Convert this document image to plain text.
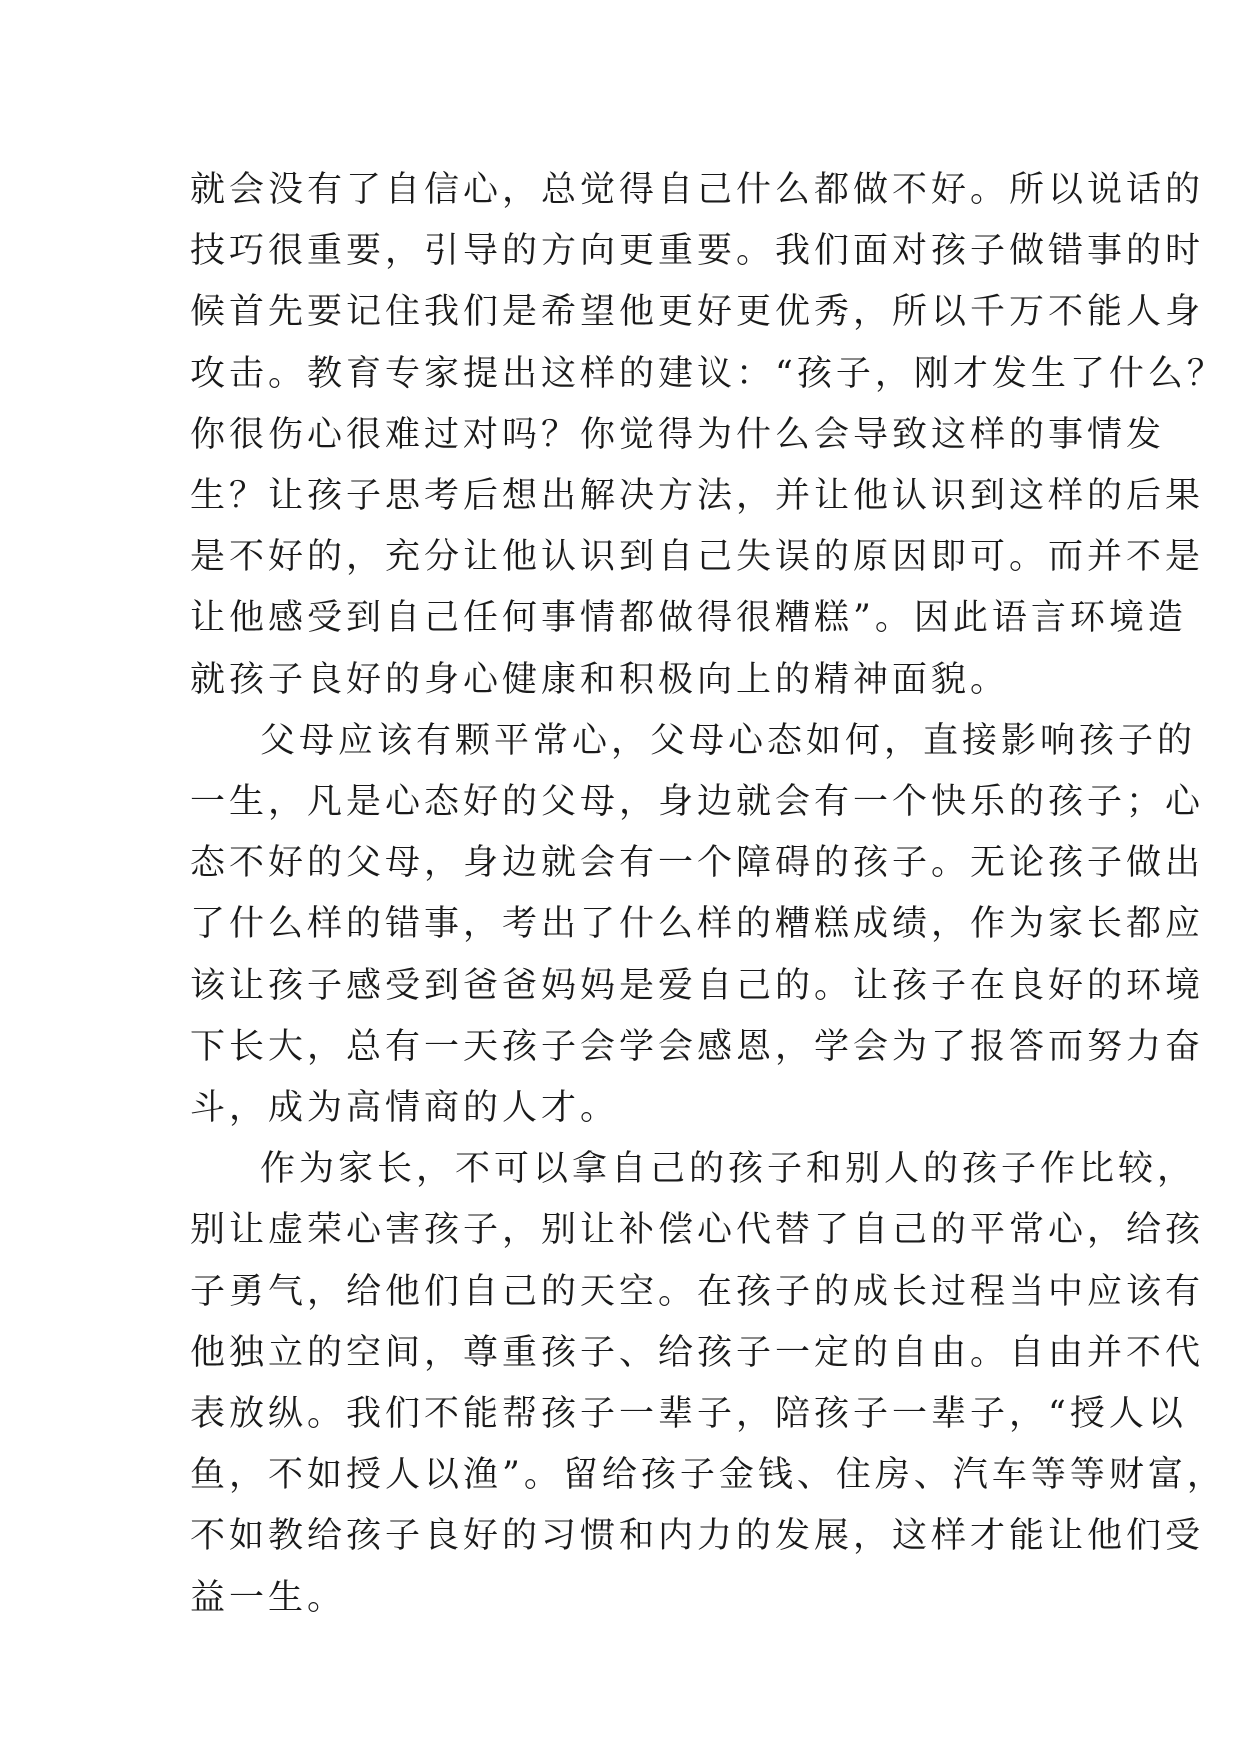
就会没有了自信心，总觉得自己什么都做不好。所以说话的
技巧很重要，引导的方向更重要。我们面对孩子做错事的时
候首先要记住我们是希望他更好更优秀，所以千万不能人身
攻击。教育专家提出这样的建议：“孩子，刚才发生了什么？
你很伤心很难过对吗？你觉得为什么会导致这样的事情发
生？让孩子思考后想出解决方法，并让他认识到这样的后果
是不好的，充分让他认识到自己失误的原因即可。而并不是
让他感受到自己任何事情都做得很糟糕”。因此语言环境造
就孩子良好的身心健康和积极向上的精神面貌。
父母应该有颗平常心，父母心态如何，直接影响孩子的
一生，凡是心态好的父母，身边就会有一个快乐的孩子；心
态不好的父母，身边就会有一个障碍的孩子。无论孩子做出
了什么样的错事，考出了什么样的糟糕成绩，作为家长都应
该让孩子感受到爸爸妈妈是爱自己的。让孩子在良好的环境
下长大，总有一天孩子会学会感恩，学会为了报答而努力奋
斗，成为高情商的人才。
作为家长，不可以拿自己的孩子和别人的孩子作比较，
别让虚荣心害孩子，别让补偿心代替了自己的平常心，给孩
子勇气，给他们自己的天空。在孩子的成长过程当中应该有
他独立的空间，尊重孩子、给孩子一定的自由。自由并不代
表放纵。我们不能帮孩子一辈子，陪孩子一辈子，“授人以
鱼，不如授人以渔”。留给孩子金钱、住房、汽车等等财富，
不如教给孩子良好的习惯和内力的发展，这样才能让他们受
益一生。
